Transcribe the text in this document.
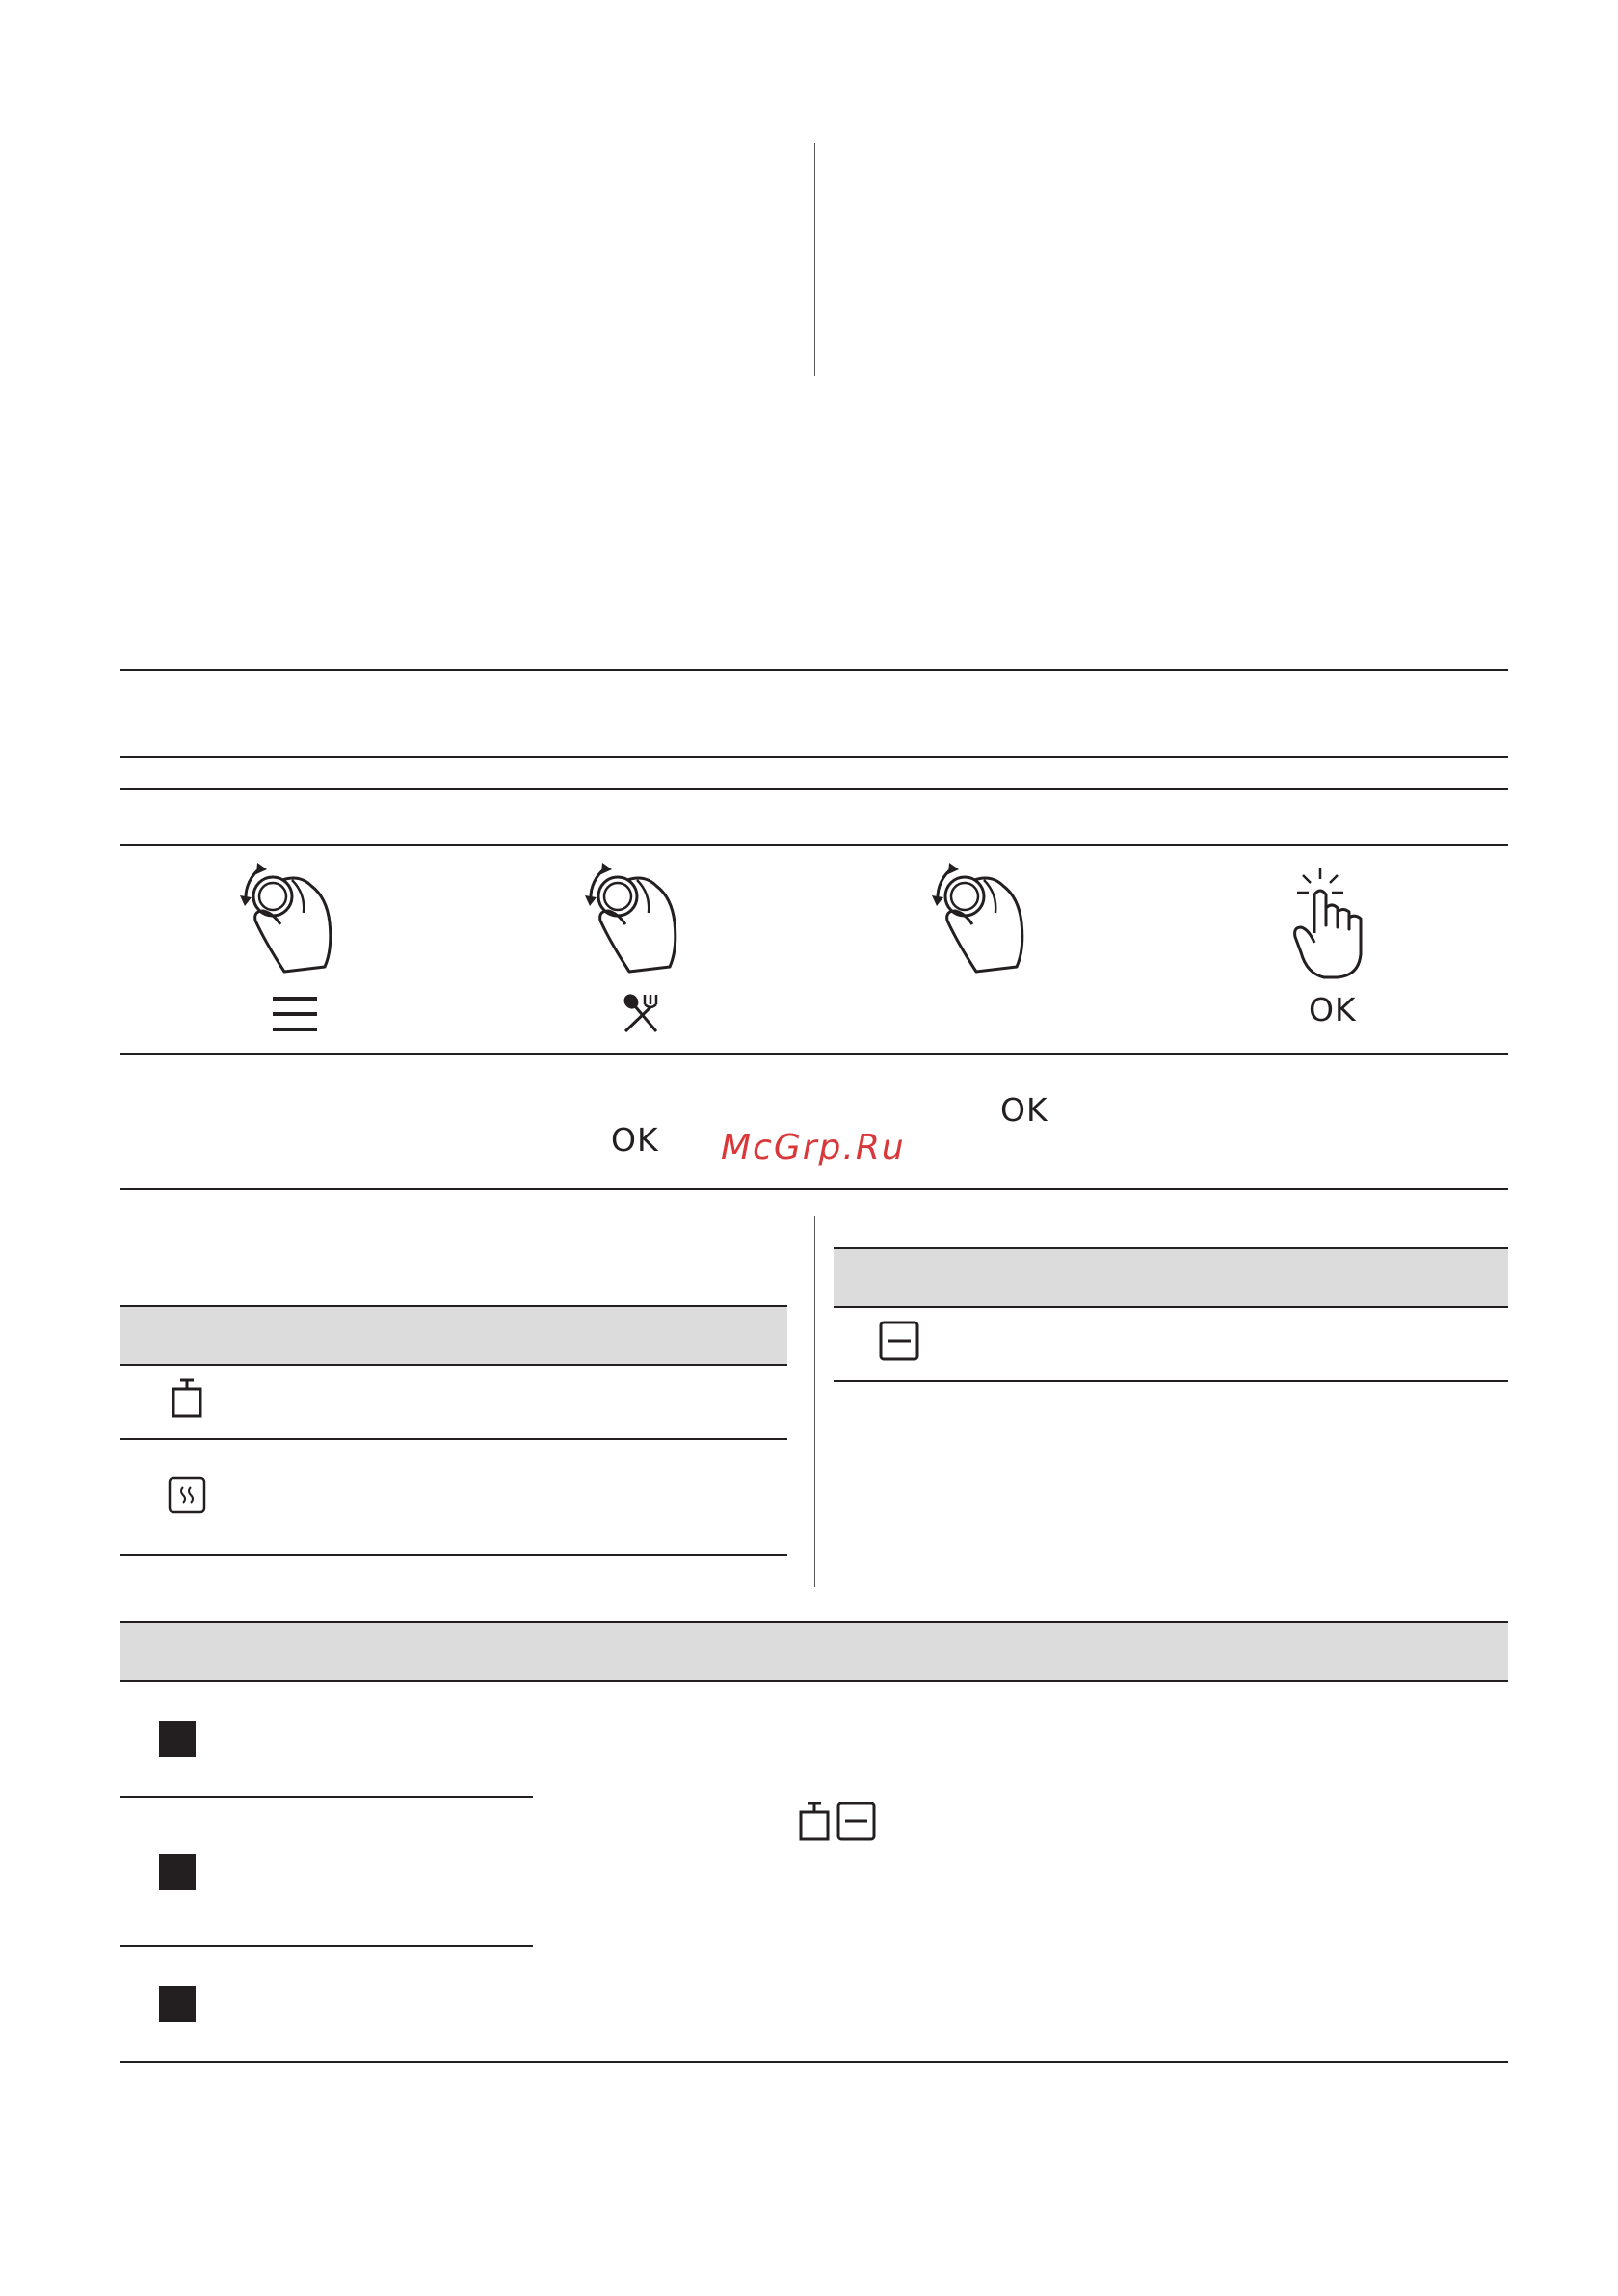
OK
OK
OK McGrp.Ru
